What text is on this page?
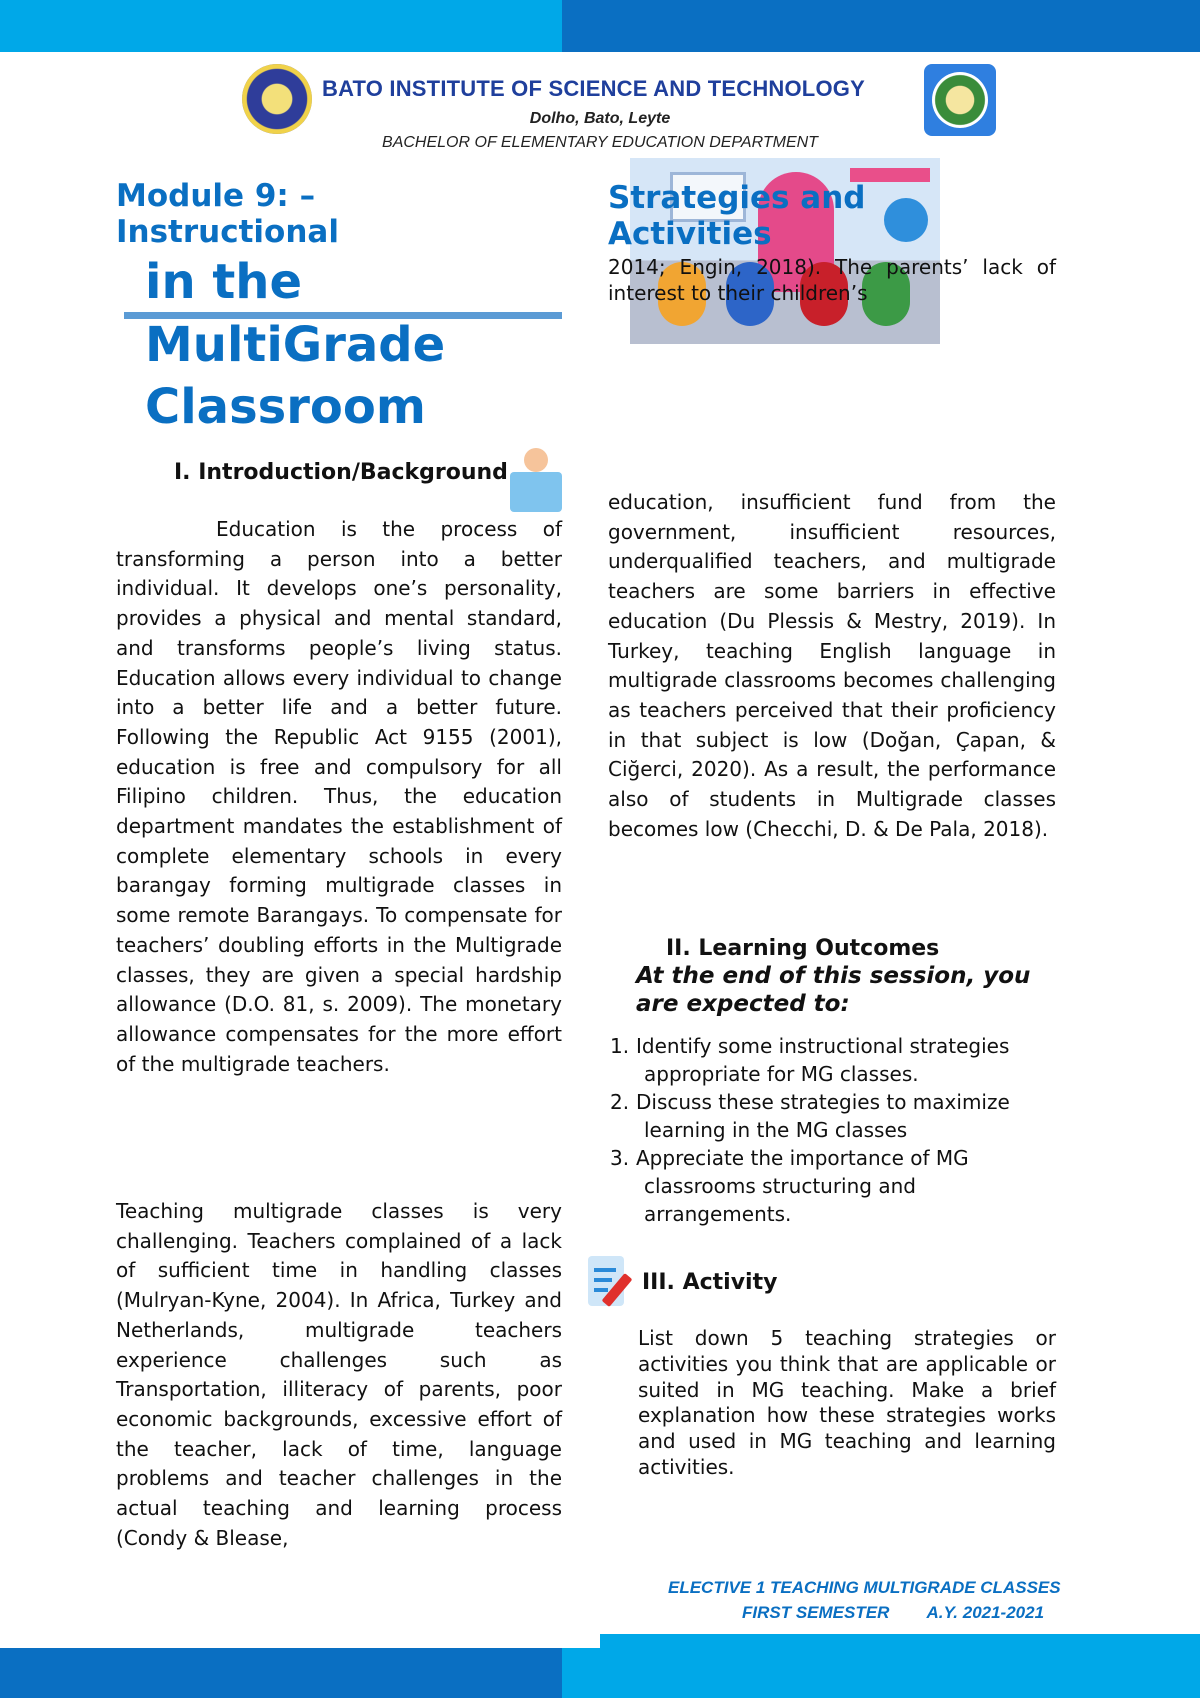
BATO INSTITUTE OF SCIENCE AND TECHNOLOGY
Dolho, Bato, Leyte
BACHELOR OF ELEMENTARY EDUCATION DEPARTMENT
Module 9: –
Instructional
in the
MultiGrade
Classroom
Strategies and
Activities

2014; Engin, 2018). The parents’ lack of interest to their children’s

I. Introduction/Background

Education is the process of transforming a person into a better individual. It develops one’s personality, provides a physical and mental standard, and transforms people’s living status. Education allows every individual to change into a better life and a better future. Following the Republic Act 9155 (2001), education is free and compulsory for all Filipino children. Thus, the education department mandates the establishment of complete elementary schools in every barangay forming multigrade classes in some remote Barangays. To compensate for teachers’ doubling efforts in the Multigrade classes, they are given a special hardship allowance (D.O. 81, s. 2009). The monetary allowance compensates for the more effort of the multigrade teachers.

Teaching multigrade classes is very challenging. Teachers complained of a lack of sufficient time in handling classes (Mulryan-Kyne, 2004). In Africa, Turkey and Netherlands, multigrade teachers experience challenges such as Transportation, illiteracy of parents, poor economic backgrounds, excessive effort of the teacher, lack of time, language problems and teacher challenges in the actual teaching and learning process (Condy & Blease,

education, insufficient fund from the government, insufficient resources, underqualified teachers, and multigrade teachers are some barriers in effective education (Du Plessis & Mestry, 2019). In Turkey, teaching English language in multigrade classrooms becomes challenging as teachers perceived that their proficiency in that subject is low (Doğan, Çapan, & Ciğerci, 2020). As a result, the performance also of students in Multigrade classes becomes low (Checchi, D. & De Pala, 2018).

II. Learning Outcomes
At the end of this session, you are expected to:
1. Identify some instructional strategies
appropriate for MG classes.
2. Discuss these strategies to maximize
learning in the MG classes
3. Appreciate the importance of MG
classrooms structuring and arrangements.
III. Activity

List down 5 teaching strategies or activities you think that are applicable or suited in MG teaching. Make a brief explanation how these strategies works and used in MG teaching and learning activities.

ELECTIVE 1 TEACHING MULTIGRADE CLASSES
FIRST SEMESTER A.Y. 2021-2021
